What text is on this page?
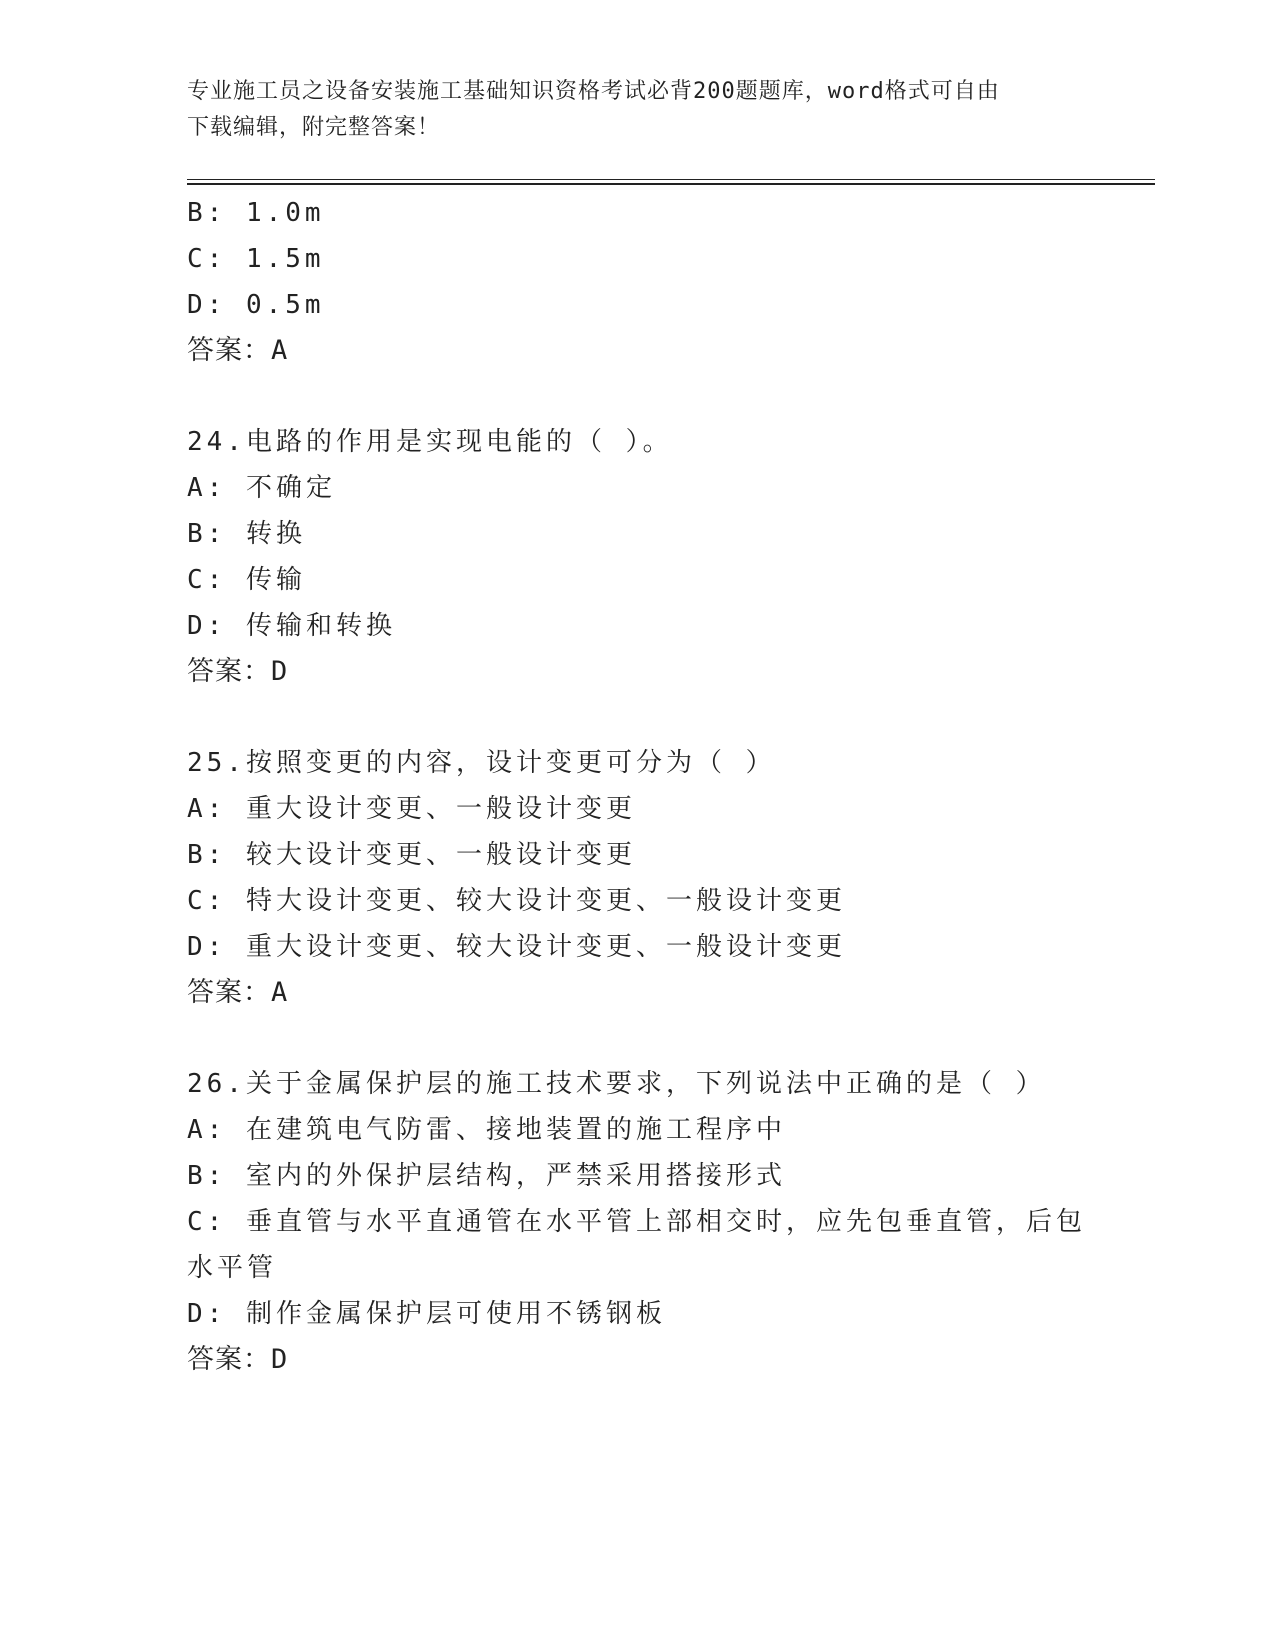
专业施工员之设备安装施工基础知识资格考试必背200题题库，word格式可自由
下载编辑，附完整答案！
B: 1.0m
C: 1.5m
D: 0.5m
答案：A
24.电路的作用是实现电能的（ ）。
A: 不确定
B: 转换
C: 传输
D: 传输和转换
答案：D
25.按照变更的内容，设计变更可分为（ ）
A: 重大设计变更、一般设计变更
B: 较大设计变更、一般设计变更
C: 特大设计变更、较大设计变更、一般设计变更
D: 重大设计变更、较大设计变更、一般设计变更
答案：A
26.关于金属保护层的施工技术要求，下列说法中正确的是（ ）
A: 在建筑电气防雷、接地装置的施工程序中
B: 室内的外保护层结构，严禁采用搭接形式
C: 垂直管与水平直通管在水平管上部相交时，应先包垂直管，后包水平管
D: 制作金属保护层可使用不锈钢板
答案：D
